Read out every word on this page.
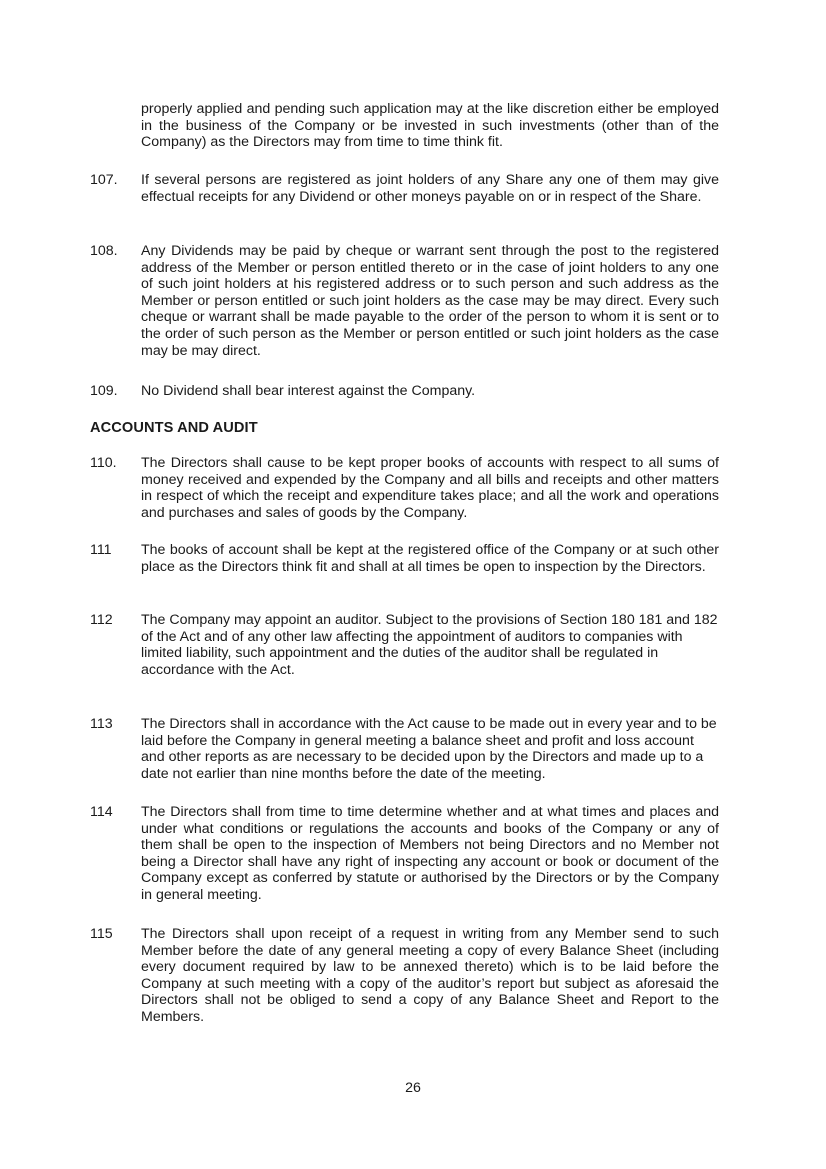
properly applied and pending such application may at the like discretion either be employed in the business of the Company or be invested in such investments (other than of the Company) as the Directors may from time to time think fit.
107.	If several persons are registered as joint holders of any Share any one of them may give effectual receipts for any Dividend or other moneys payable on or in respect of the Share.
108.	Any Dividends may be paid by cheque or warrant sent through the post to the registered address of the Member or person entitled thereto or in the case of joint holders to any one of such joint holders at his registered address or to such person and such address as the Member or person entitled or such joint holders as the case may be may direct. Every such cheque or warrant shall be made payable to the order of the person to whom it is sent or to the order of such person as the Member or person entitled or such joint holders as the case may be may direct.
109.	No Dividend shall bear interest against the Company.
ACCOUNTS AND AUDIT
110.	The Directors shall cause to be kept proper books of accounts with respect to all sums of money received and expended by the Company and all bills and receipts and other matters in respect of which the receipt and expenditure takes place; and all the work and operations and purchases and sales of goods by the Company.
111	The books of account shall be kept at the registered office of the Company or at such other place as the Directors think fit and shall at all times be open to inspection by the Directors.
112	The Company may appoint an auditor. Subject to the provisions of Section 180 181 and 182 of the Act and of any other law affecting the appointment of auditors to companies with limited liability, such appointment and the duties of the auditor shall be regulated in accordance with the Act.
113	The Directors shall in accordance with the Act cause to be made out in every year and to be laid before the Company in general meeting a balance sheet and profit and loss account and other reports as are necessary to be decided upon by the Directors and made up to a date not earlier than nine months before the date of the meeting.
114	The Directors shall from time to time determine whether and at what times and places and under what conditions or regulations the accounts and books of the Company or any of them shall be open to the inspection of Members not being Directors and no Member not being a Director shall have any right of inspecting any account or book or document of the Company except as conferred by statute or authorised by the Directors or by the Company in general meeting.
115	The Directors shall upon receipt of a request in writing from any Member send to such Member before the date of any general meeting a copy of every Balance Sheet (including every document required by law to be annexed thereto) which is to be laid before the Company at such meeting with a copy of the auditor’s report but subject as aforesaid the Directors shall not be obliged to send a copy of any Balance Sheet and Report to the Members.
26
